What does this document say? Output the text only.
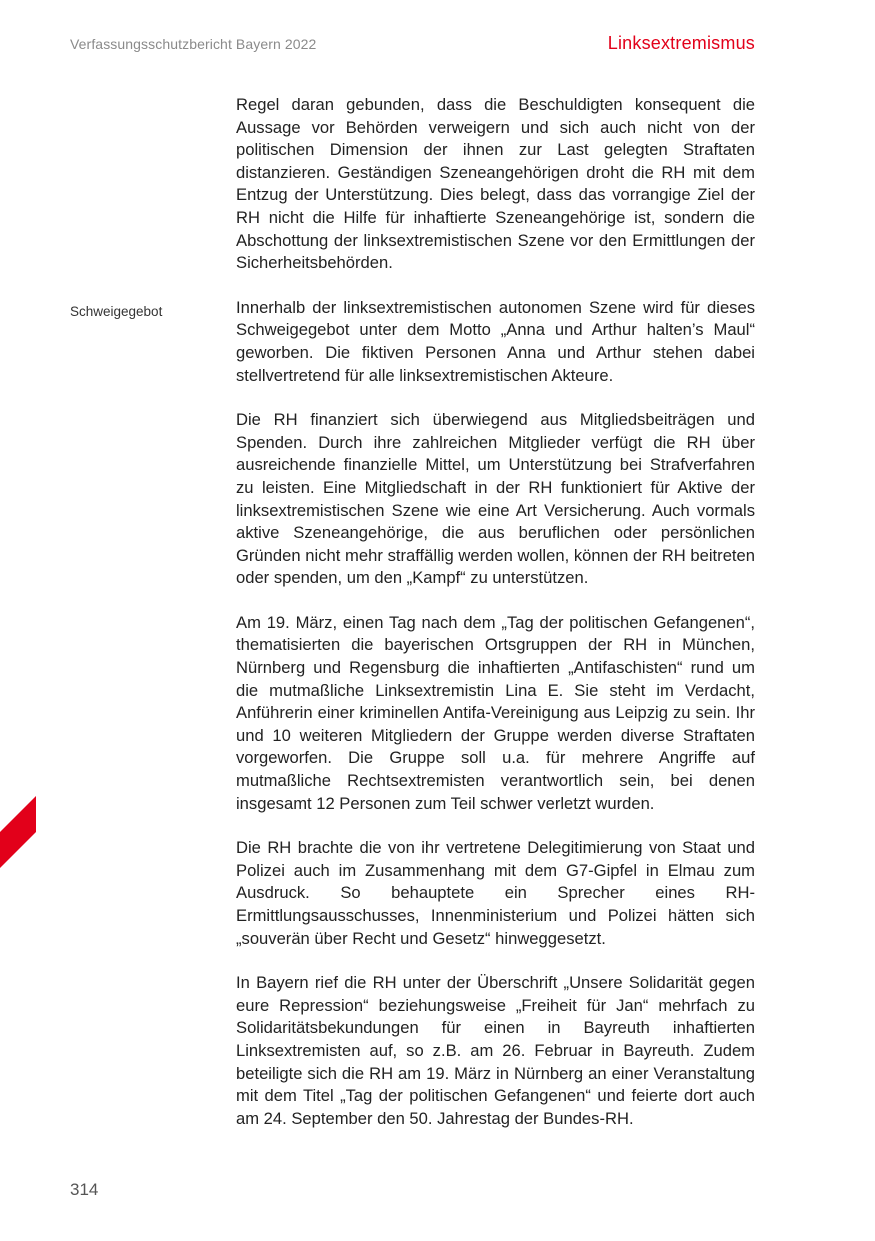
Verfassungsschutzbericht Bayern 2022	Linksextremismus
Schweigegebot

Regel daran gebunden, dass die Beschuldigten konsequent die Aussage vor Behörden verweigern und sich auch nicht von der politischen Dimension der ihnen zur Last gelegten Straftaten distanzieren. Geständigen Szeneangehörigen droht die RH mit dem Entzug der Unterstützung. Dies belegt, dass das vorrangige Ziel der RH nicht die Hilfe für inhaftierte Szeneangehörige ist, sondern die Abschottung der linksextremistischen Szene vor den Ermittlungen der Sicherheitsbehörden.

Innerhalb der linksextremistischen autonomen Szene wird für dieses Schweigegebot unter dem Motto „Anna und Arthur halten’s Maul“ geworben. Die fiktiven Personen Anna und Arthur stehen dabei stellvertretend für alle linksextremistischen Akteure.

Die RH finanziert sich überwiegend aus Mitgliedsbeiträgen und Spenden. Durch ihre zahlreichen Mitglieder verfügt die RH über ausreichende finanzielle Mittel, um Unterstützung bei Strafverfahren zu leisten. Eine Mitgliedschaft in der RH funktioniert für Aktive der linksextremistischen Szene wie eine Art Versicherung. Auch vormals aktive Szeneangehörige, die aus beruflichen oder persönlichen Gründen nicht mehr straffällig werden wollen, können der RH beitreten oder spenden, um den „Kampf“ zu unterstützen.

Am 19. März, einen Tag nach dem „Tag der politischen Gefangenen“, thematisierten die bayerischen Ortsgruppen der RH in München, Nürnberg und Regensburg die inhaftierten „Antifaschisten“ rund um die mutmaßliche Linksextremistin Lina E. Sie steht im Verdacht, Anführerin einer kriminellen Antifa-Vereinigung aus Leipzig zu sein. Ihr und 10 weiteren Mitgliedern der Gruppe werden diverse Straftaten vorgeworfen. Die Gruppe soll u.a. für mehrere Angriffe auf mutmaßliche Rechtsextremisten verantwortlich sein, bei denen insgesamt 12 Personen zum Teil schwer verletzt wurden.

Die RH brachte die von ihr vertretene Delegitimierung von Staat und Polizei auch im Zusammenhang mit dem G7-Gipfel in Elmau zum Ausdruck. So behauptete ein Sprecher eines RH-Ermittlungsausschusses, Innenministerium und Polizei hätten sich „souverän über Recht und Gesetz“ hinweggesetzt.

In Bayern rief die RH unter der Überschrift „Unsere Solidarität gegen eure Repression“ beziehungsweise „Freiheit für Jan“ mehrfach zu Solidaritätsbekundungen für einen in Bayreuth inhaftierten Linksextremisten auf, so z.B. am 26. Februar in Bayreuth. Zudem beteiligte sich die RH am 19. März in Nürnberg an einer Veranstaltung mit dem Titel „Tag der politischen Gefangenen“ und feierte dort auch am 24. September den 50. Jahrestag der Bundes-RH.

314
